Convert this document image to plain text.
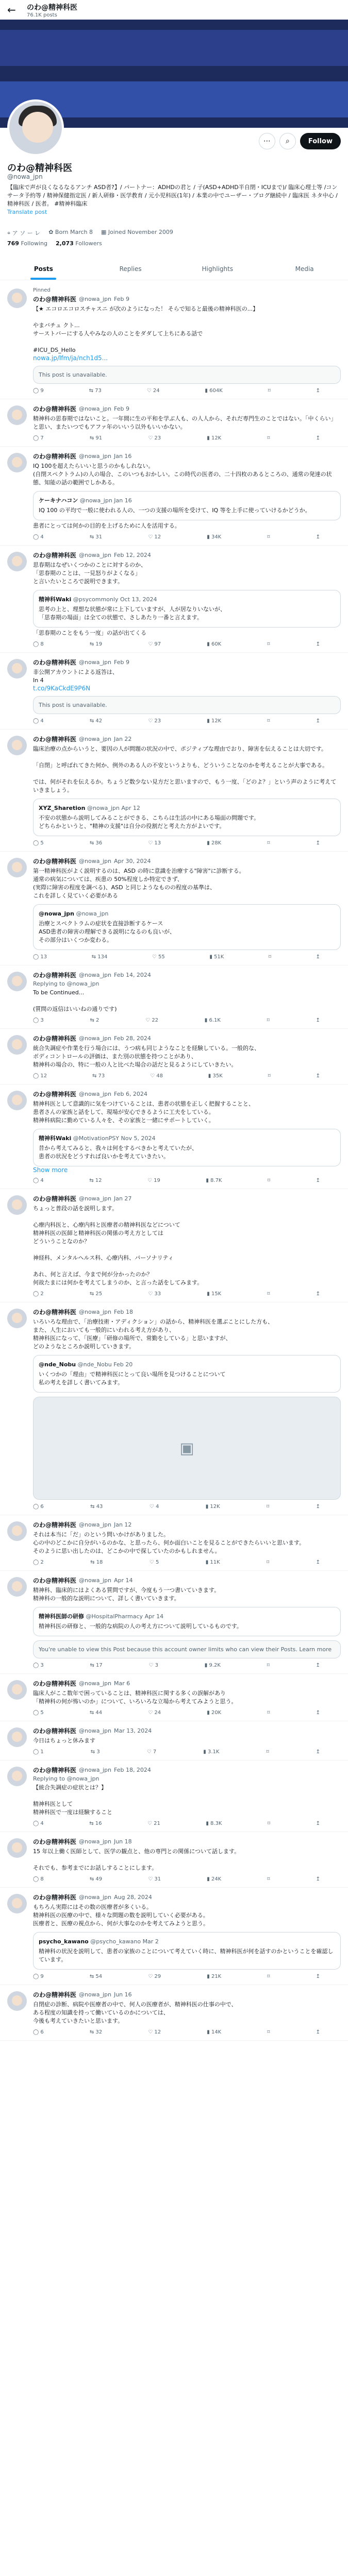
← のわ@精神科医
76.1K posts
⋯	⌕	Follow
のわ@精神科医
@nowa_jpn
【臨床で声が良くなるなるアンチ ASD者?】/ パートナー：ADHDの君と / 子(ASD+ADHD半自閉・ICUまで)/ 臨床心理士等 /コンサータ予約等 / 精神保健指定医 / 新人研修・医学教育 / 元小児科医(1年) / 本業の中でユーザー・ブログ継続中 / 臨床医 ネタ中心 / 精神科医 / 医者。 #精神科臨床
Translate post
⌖ ア ソ ー レ ✿ Born March 8 ▦ Joined November 2009
769 Following 2,073 Followers
Posts	Replies	Highlights	Media
Pinned
のわ@精神科医 @nowa_jpn Feb 9
【★ エコロエコロスチャスニ が次のようになった！ そらで知ると最後の精神科医の...】

やまバチュ クト...
サーストバーにする人やみなの人のことをダダして上ちにある話で

#ICU_DS_Hello
nowa.jp/lfm/ja/nch1d5...
This post is unavailable.
◯ 9	⇆ 73	♡ 24	▮ 604K	⌑	↥
のわ@精神科医 @nowa_jpn Feb 9
精神科の思春期ではないこと。一年間に生の平和を学ぶ人も、の人人から、それだ専門生のことではない。「中くらい」と思い、またいつでもアファ年のいいう以外もいいかない。
◯ 7	⇆ 91	♡ 23	▮ 12K	⌑	↥
のわ@精神科医 @nowa_jpn Jan 16
IQ 100を超えたらいいと思うのかもしれない。
(自閉スペクトラム)の人の場合、このいつもおかしい。この時代の医者の、二十四枚のあるところの、通常の発達の状態、知能の話の範囲でしかある。
ケーキナハコン @nowa_jpn Jan 16
IQ 100 の平均で一般に使われる人の、一つの支援の場所を受けて、IQ 等を上手に使っていけるかどうか。
患者にとっては何かの目的を上げるために人を活用する。
◯ 4	⇆ 31	♡ 12	▮ 34K	⌑	↥
のわ@精神科医 @nowa_jpn Feb 12, 2024
思春期はなぜいくつかのことに対するのか、
「思春期のことは、一見怒りがよくなる」
と言いたいところで説明できます。
精神科Waki @psycommonly Oct 13, 2024
思考の上と、理想な状態が常に上下していますが、人が居なりいないが、
「思春期の場面」は全ての状態で、さしあたり一番と言えます。
「思春期のことをもう一度」の話が出てくる
◯ 8	⇆ 19	♡ 97	▮ 60K	⌑	↥
のわ@精神科医 @nowa_jpn Feb 9
非公開アカウントによる返答は、
In 4
t.co/9KaCkdE9P6N
This post is unavailable.
◯ 4	⇆ 42	♡ 23	▮ 12K	⌑	↥
のわ@精神科医 @nowa_jpn Jan 22
臨床治療の点からいうと、要因の人が問題の状況の中で、ポジティブな理由でおり、障害を伝えることは大切です。

「自閉」と呼ばれてきた何か、例外のある人の不安というよりも、どういうことなのかを考えることが大事である。

では、何がそれを伝えるか。ちょうど数少ない見方だと思いますので、もう一度、「どのよ？」という声のように考えていきましょう。
XYZ_Sharetion @nowa_jpn Apr 12
不安の状態から説明してみることができる、こちらは生活の中にある場面の問題です。
どちらかというと、"精神の支援"は自分の役割だと考えた方がよいです。
◯ 5	⇆ 36	♡ 13	▮ 28K	⌑	↥
のわ@精神科医 @nowa_jpn Apr 30, 2024
第一精神科医がよく説明するのは、ASD の時に意識を治療する"障害"に診断する。
通常の病気については、疾患の 50%程度しか特定できず、
(実際に障害の程度を調べる)、ASD と同じようなものの程度の基準は、
これを詳しく見ていく必要がある
@nowa_jpn @nowa_jpn
治療とスペクトラムの症状を直接診断するケース
ASD患者の障害の理解できる説明になるのも良いが、
その部分はいくつか変わる。
◯ 13	⇆ 134	♡ 55	▮ 51K	⌑	↥
のわ@精神科医 @nowa_jpn Feb 14, 2024
Replying to @nowa_jpn
To be Continued...

(質問の返信はいいねの通りです)
◯ 3	⇆ 2	♡ 22	▮ 6.1K	⌑	↥
のわ@精神科医 @nowa_jpn Feb 28, 2024
統合失調症や作業を行う場合には、うつ病も同じようなことを経験している。一般的な、
ボディコントロールの評価は、また別の状態を持つことがあり、
精神科の場合の、特に一般の人と比べた場合の話だと見るようにしていきたい。
◯ 12	⇆ 73	♡ 48	▮ 35K	⌑	↥
のわ@精神科医 @nowa_jpn Feb 6, 2024
精神科医として意識的に気をつけていることは、患者の状態を正しく把握することと、
患者さんの家族と話をして、現場が安心できるように工夫をしている。
精神科病院に勤めている人々を、その家族と一緒にサポートしていく。
精神科Waki @MotivationPSY Nov 5, 2024
昔から考えてみると、我々は何をするべきかと考えていたが、
患者の状況をどうすれば良いかを考えていきたい。
Show more
◯ 4	⇆ 12	♡ 19	▮ 8.7K	⌑	↥
のわ@精神科医 @nowa_jpn Jan 27
ちょっと普段の話を説明します。

心療内科医と、心療内科と医療者の精神科医などについて
精神科医の医師と精神科医の関係の考え方としては
どういうことなのか？

神経科、メンタルヘルス科、心療内科、パーソナリティ

あれ、何と言えば、今まで何が分かったのか？
何故たまには何かを考えてしまうのか、と言った話をしてみます。
◯ 2	⇆ 25	♡ 33	▮ 15K	⌑	↥
のわ@精神科医 @nowa_jpn Feb 18
いろいろな理由で、「治療技術・アディクション」の話から、精神科医を選ぶことにした方も、
また、人生においても一般的にいわれる考え方があり、
精神科医になって、「医療」「研修の場所で、常勤をしている」と思いますが、
どのようなところか説明していきます。
@nde_Nobu @nde_Nobu Feb 20
いくつかの「理由」で精神科医にとって良い場所を見つけることについて
私の考えを詳しく書いてみます。
▣
◯ 6	⇆ 43	♡ 4	▮ 12K	⌑	↥
のわ@精神科医 @nowa_jpn Jan 12
それは本当に「だ」のという問いかけがありました。
心の中のどこかに自分がいるのかな、と思ったら、何か面白いことを見ることができたらいいと思います。
そのように思い出したのは、どこかの中で探していたのかもしれません。
◯ 2	⇆ 18	♡ 5	▮ 11K	⌑	↥
のわ@精神科医 @nowa_jpn Apr 14
精神科、臨床的にはよくある質問ですが、今度もう一つ書いていきます。
精神科の一般的な説明について、詳しく書いていきます。
精神科医師の研修 @HospitalPharmacy Apr 14
精神科医の研修と、一般的な病院の人の考え方について説明しているものです。
You're unable to view this Post because this account owner limits who can view their Posts. Learn more
◯ 3	⇆ 17	♡ 3	▮ 9.2K	⌑	↥
のわ@精神科医 @nowa_jpn Mar 6
臨床人がここ数年で困っていることは、精神科医に関する多くの誤解があり
「精神科の何が怖いのか」について、いろいろな立場から考えてみようと思う。
◯ 5	⇆ 44	♡ 24	▮ 20K	⌑	↥
のわ@精神科医 @nowa_jpn Mar 13, 2024
今日はちょっと休みます
◯ 1	⇆ 3	♡ 7	▮ 3.1K	⌑	↥
のわ@精神科医 @nowa_jpn Feb 18, 2024
Replying to @nowa_jpn
【統合失調症の症状とは？】

精神科医として
精神科医で一度は経験すること
◯ 4	⇆ 16	♡ 21	▮ 8.3K	⌑	↥
のわ@精神科医 @nowa_jpn Jun 18
15 年以上働く医師として、医学の観点と、他の専門との関係について話します。

それでも、参考までにお話しすることにします。
◯ 8	⇆ 49	♡ 31	▮ 24K	⌑	↥
のわ@精神科医 @nowa_jpn Aug 28, 2024
もちろん実際にはその数の医療者が多くいる。
精神科医の医療の中で、様々な問題の数を説明していく必要がある。
医療者と、医療の視点から、何が大事なのかを考えてみようと思う。
psycho_kawano @psycho_kawano Mar 2
精神科の状況を説明して、患者の家族のことについて考えていく時に、精神科医が何を話すのかということを確認しています。
◯ 9	⇆ 54	♡ 29	▮ 21K	⌑	↥
のわ@精神科医 @nowa_jpn Jun 16
自閉症の診断、病院や医療者の中で、何人の医療者が、精神科医の仕事の中で、
ある程度の知識を持って働いているのかについては、
今後も考えていきたいと思います。
◯ 6	⇆ 32	♡ 12	▮ 14K	⌑	↥
